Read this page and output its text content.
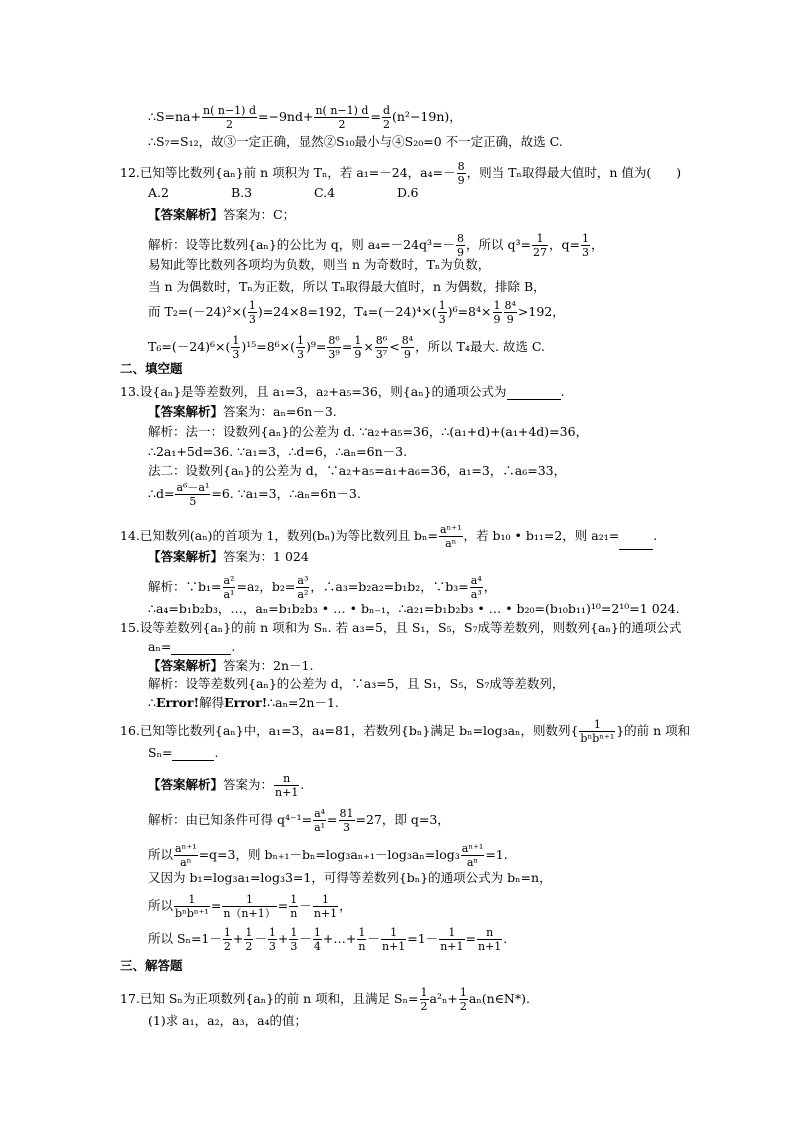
∴S=na+ $\frac{n( n-1) d}{2} =-9nd+ \frac{n( n-1) d}{2} = \frac{d}{2} (n^2-19n)$，
∴S₇=S₁₂，故③一定正确，显然②S₁₀最小与④S₂₀=0 不一定正确，故选 C.
12.已知等比数列{aₙ}前 n 项积为 Tₙ，若 a₁=－24，$a_4=- \frac{8}{9}$ ，则当 Tₙ取得最大值时，n 值为(　　)
A.2	B.3	C.4	D.6
【答案解析】答案为：C；
解析：设等比数列{aₙ}的公比为 q，则 $a_4=-24q^3=- \frac{8}{9}$ ，所以 $q^3= \frac{1}{27}$ ，$q= \frac{1}{3}$ ，
易知此等比数列各项均为负数，则当 n 为奇数时，Tₙ为负数，
当 n 为偶数时，Tₙ为正数，所以 Tₙ取得最大值时，n 为偶数，排除 B，
而 $T_2=(-24)^2\times( \frac{1}{3} )=24\times 8=192$，$T_4=(-24)^4\times( \frac{1}{3} )^6=8^4\times \frac{1}{9} \frac{\text{8⁴}}{9} >192$，
$T_6=(-24)^6\times( \frac{1}{3} )^{15}=8^6\times( \frac{1}{3} )^9= \frac{\text{8⁶}}{\text{3⁹}} = \frac{1}{9} \times \frac{\text{8⁶}}{\text{3⁷}} < \frac{\text{8⁴}}{9}$ ，所以 T₄最大. 故选 C.
二、填空题
13.设{aₙ}是等差数列，且 a₁=3，a₂+a₅=36，则{aₙ}的通项公式为	.
【答案解析】答案为：aₙ=6n－3.
解析：法一：设数列{aₙ}的公差为 d. ∵a₂+a₅=36，∴(a₁+d)+(a₁+4d)=36，
∴2a₁+5d=36. ∵a₁=3，∴d=6，∴aₙ=6n－3.
法二：设数列{aₙ}的公差为 d，∵a₂+a₅=a₁+a₆=36，a₁=3，∴a₆=33，
∴d= $\frac{\text{a⁶－a¹}}{5} =6$. ∵a₁=3，∴aₙ=6n－3.
14.已知数列(aₙ)的首项为 1，数列(bₙ)为等比数列且 $b_n= \frac{\text{aⁿ⁺¹}}{\text{aⁿ}}$ ，若 b₁₀ • b₁₁=2，则 a₂₁=	.
【答案解析】答案为：1 024
解析：∵b₁= $\frac{\text{a²}}{\text{a¹}} =a_2$，$b_2= \frac{\text{a³}}{\text{a²}}$ ，∴a₃=b₂a₂=b₁b₂，∵b₃= $\frac{\text{a⁴}}{\text{a³}}$ ，
∴a₄=b₁b₂b₃，…，aₙ=b₁b₂b₃ • … • bₙ₋₁，∴a₂₁=b₁b₂b₃ • … • b₂₀=(b₁₀b₁₁)¹⁰=2¹⁰=1 024.
15.设等差数列{aₙ}的前 n 项和为 Sₙ. 若 a₃=5，且 S₁，S₅，S₇成等差数列，则数列{aₙ}的通项公式
aₙ=	.
【答案解析】答案为：2n－1.
解析：设等差数列{aₙ}的公差为 d，∵a₃=5，且 S₁，S₅，S₇成等差数列，
∴Error!解得Error!∴aₙ=2n－1.
16.已知等比数列{aₙ}中，a₁=3，a₄=81，若数列{bₙ}满足 bₙ=log₃aₙ，则数列{ $\frac{1}{\text{bⁿbⁿ⁺¹}}$ }的前 n 项和
Sₙ=	.
【答案解析】答案为： $\frac{n}{n+1}$ .
解析：由已知条件可得 $q^{4-1}= \frac{\text{a⁴}}{\text{a¹}} = \frac{81}{3} =27$，即 q=3，
所以 $\frac{\text{aⁿ⁺¹}}{\text{aⁿ}} =q=3$，则 $b_{n+1}-b_n=\log_3a_{n+1}-\log_3a_n=\log_3 \frac{\text{aⁿ⁺¹}}{\text{aⁿ}} =1$.
又因为 b₁=log₃a₁=log₃3=1，可得等差数列{bₙ}的通项公式为 bₙ=n，
所以 $\frac{1}{\text{bⁿbⁿ⁺¹}} = \frac{1}{n(n+1)} = \frac{1}{n} - \frac{1}{n+1}$ ，
所以 $S_n=1- \frac{1}{2} + \frac{1}{2} - \frac{1}{3} + \frac{1}{3} - \frac{1}{4}$ +…+ $\frac{1}{n} - \frac{1}{n+1} =1- \frac{1}{n+1} = \frac{n}{n+1}$ .
三、解答题
17.已知 Sₙ为正项数列{aₙ}的前 n 项和，且满足 $S_n= \frac{1}{2} a^2_n+ \frac{1}{2}$ aₙ(n∈N*).
(1)求 a₁，a₂，a₃，a₄的值；
